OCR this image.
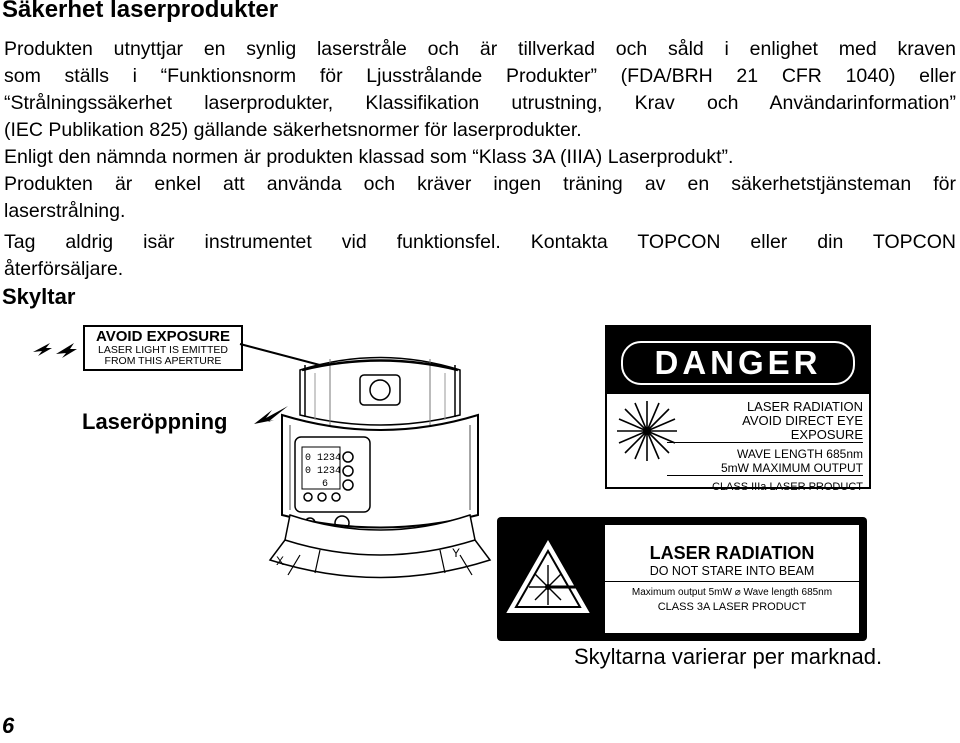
Säkerhet laserprodukter

Produkten utnyttjar en synlig laserstråle och är tillverkad och såld i enlighet med kraven
som ställs i “Funktionsnorm för Ljusstrålande Produkter” (FDA/BRH 21 CFR 1040) eller
“Strålningssäkerhet laserprodukter, Klassifikation utrustning, Krav och Användarinformation”
(IEC Publikation 825) gällande säkerhetsnormer för laserprodukter.

Enligt den nämnda normen är produkten klassad som “Klass 3A (IIIA) Laserprodukt”.

Produkten är enkel att använda och kräver ingen träning av en säkerhetstjänsteman för
laserstrålning.

Tag aldrig isär instrumentet vid funktionsfel. Kontakta TOPCON eller din TOPCON
återförsäljare.

Skyltar
AVOID EXPOSURE
LASER LIGHT IS EMITTED
FROM THIS APERTURE
Laseröppning
0 1234
0 1234
6
X
Y
DANGER
LASER RADIATION
AVOID DIRECT EYE EXPOSURE
WAVE LENGTH 685nm
5mW MAXIMUM OUTPUT
CLASS IIIa LASER PRODUCT
LASER RADIATION
DO NOT STARE INTO BEAM
Maximum output 5mW ⌀ Wave length 685nm
CLASS 3A LASER PRODUCT
Skyltarna varierar per marknad.
6
